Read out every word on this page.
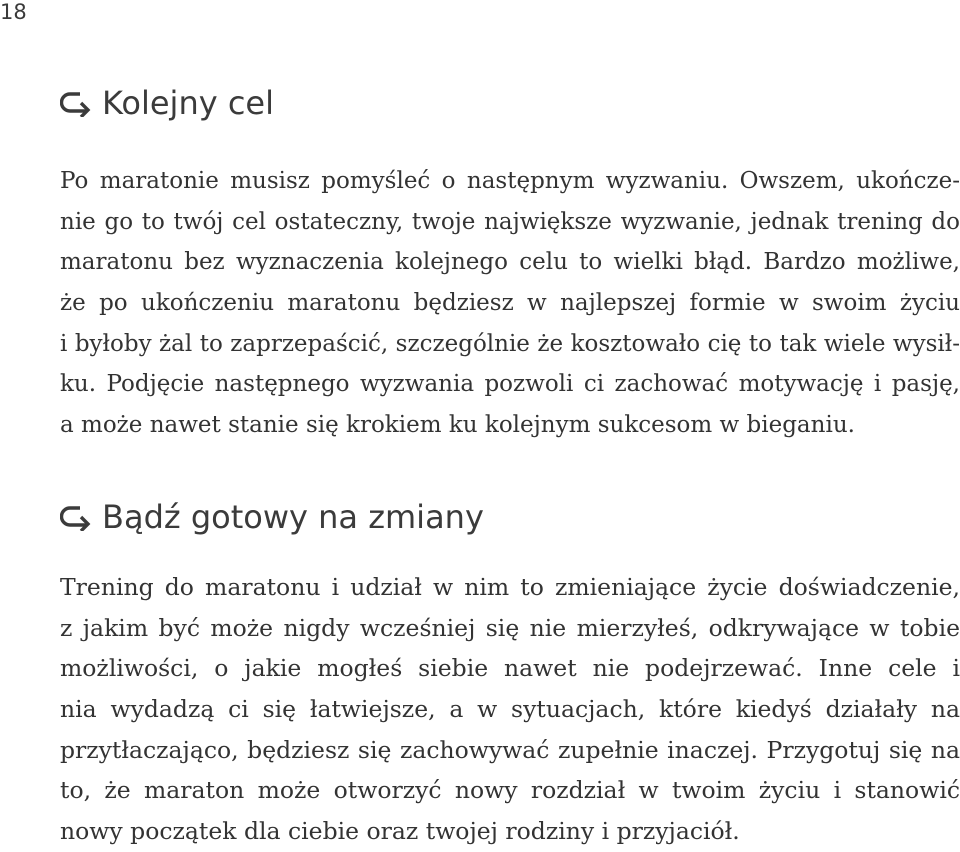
18
Kolejny cel
Po maratonie musisz pomyśleć o następnym wyzwaniu. Owszem, ukończe-
nie go to twój cel ostateczny, twoje największe wyzwanie, jednak trening do
maratonu bez wyznaczenia kolejnego celu to wielki błąd. Bardzo możliwe,
że po ukończeniu maratonu będziesz w najlepszej formie w swoim życiu
i byłoby żal to zaprzepaścić, szczególnie że kosztowało cię to tak wiele wysił-
ku. Podjęcie następnego wyzwania pozwoli ci zachować motywację i pasję,
a może nawet stanie się krokiem ku kolejnym sukcesom w bieganiu.
Bądź gotowy na zmiany
Trening do maratonu i udział w nim to zmieniające życie doświadczenie,
z jakim być może nigdy wcześniej się nie mierzyłeś, odkrywające w tobie
możliwości, o jakie mogłeś siebie nawet nie podejrzewać. Inne cele i
nia wydadzą ci się łatwiejsze, a w sytuacjach, które kiedyś działały na
przytłaczająco, będziesz się zachowywać zupełnie inaczej. Przygotuj się na
to, że maraton może otworzyć nowy rozdział w twoim życiu i stanowić
nowy początek dla ciebie oraz twojej rodziny i przyjaciół.
